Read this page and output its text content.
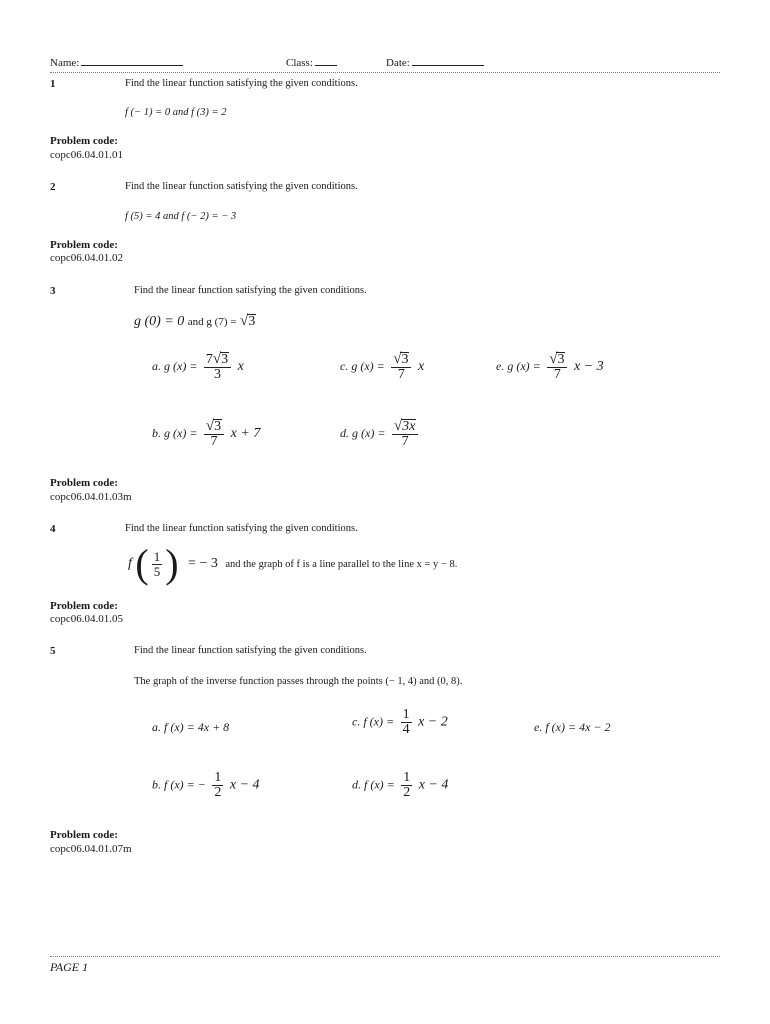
Name:	Class:	Date:
1	Find the linear function satisfying the given conditions.
f (− 1) = 0 and f (3) = 2
Problem code:
copc06.04.01.01
2	Find the linear function satisfying the given conditions.
f (5) = 4 and f (− 2) = − 3
Problem code:
copc06.04.01.02
3	Find the linear function satisfying the given conditions.
g (0) = 0 and g (7) = √3
a. g $(x) = \frac{7√3}{3}$ x	c. g $(x) = \frac{√3}{7}$ x	e. g $(x) = \frac{√3}{7}$ x − 3
b. g $(x) = \frac{√3}{7}$ x + 7	d. g $(x) = \frac{√3x}{7}$
Problem code:
copc06.04.01.03m
4	Find the linear function satisfying the given conditions.
f ( $\frac{1}{5}$ ) = − 3 and the graph of f is a line parallel to the line x = y − 8.
Problem code:
copc06.04.01.05
5	Find the linear function satisfying the given conditions.
The graph of the inverse function passes through the points (− 1, 4) and (0, 8).
a. f (x) = 4x + 8	c. f $(x) = \frac{1}{4}$ x − 2	e. f (x) = 4x − 2
b. f (x) = − $\frac{1}{2}$ x − 4	d. f $(x) = \frac{1}{2}$ x − 4
Problem code:
copc06.04.01.07m
PAGE 1
